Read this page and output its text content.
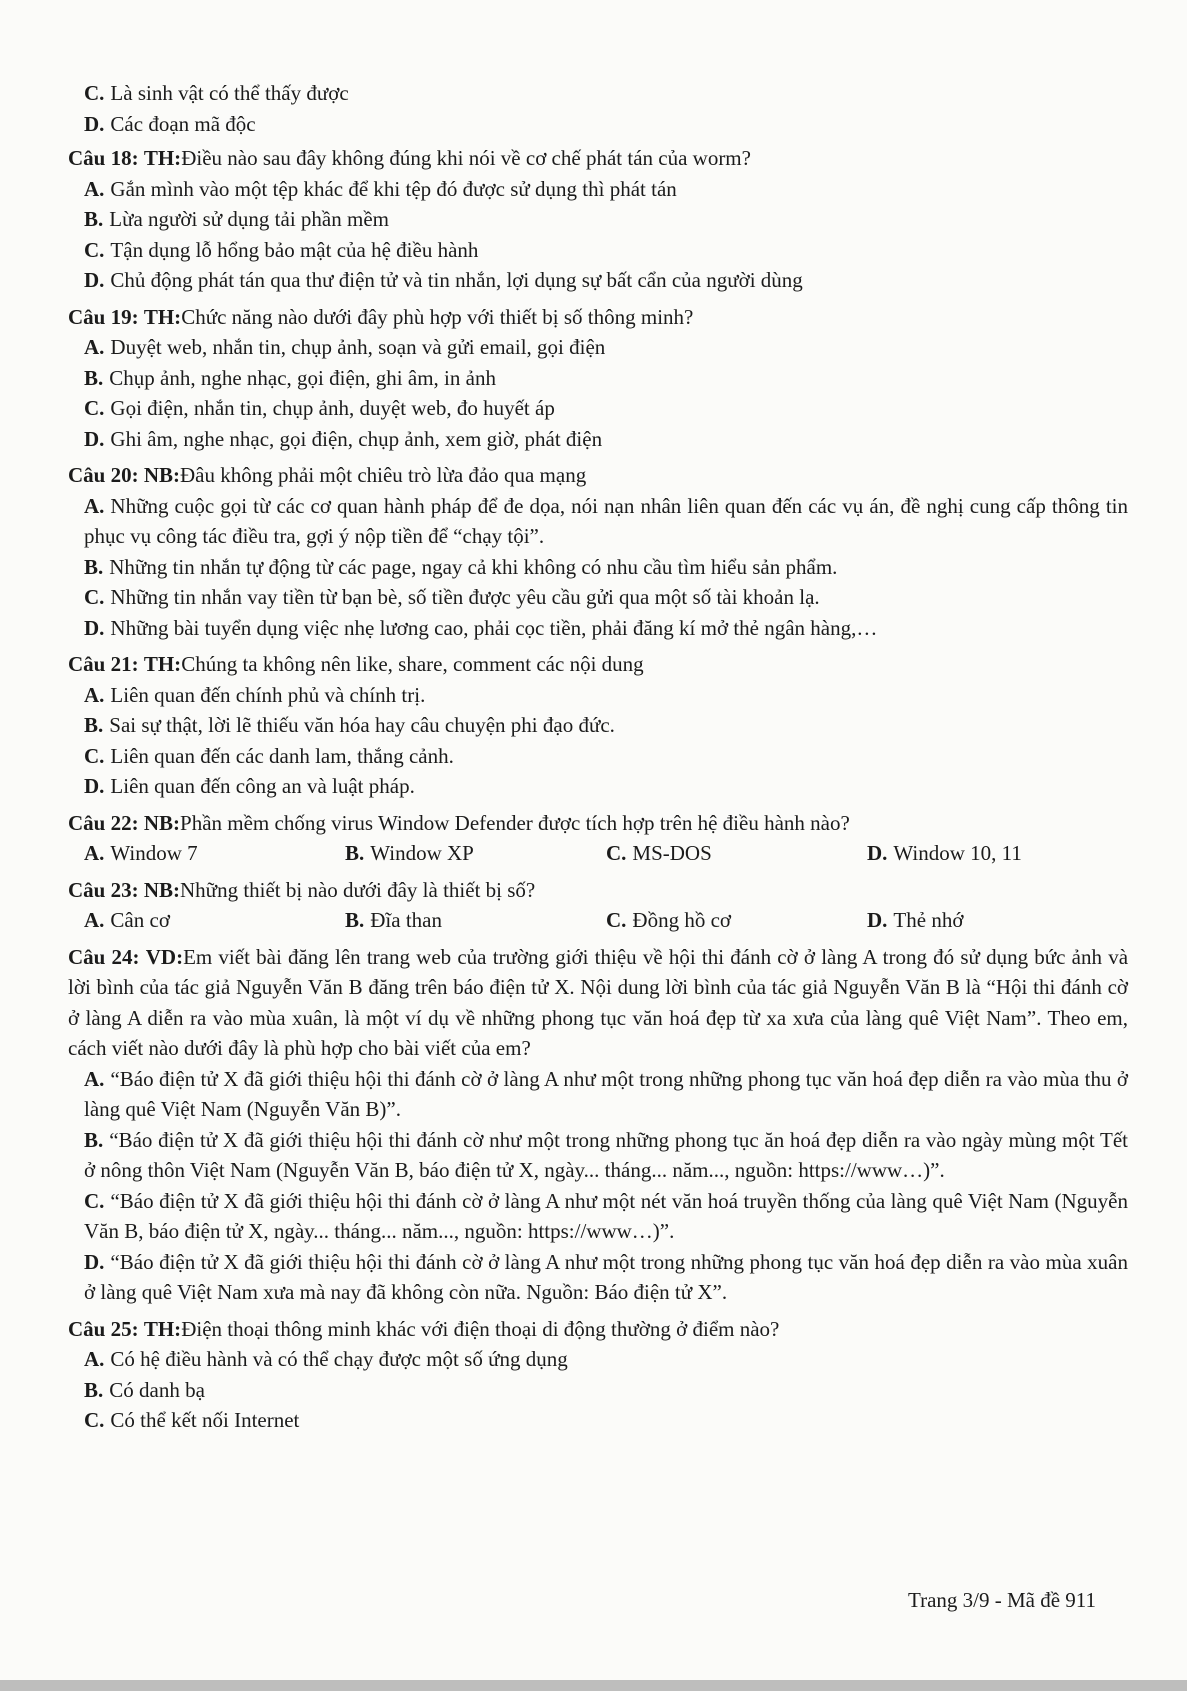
C. Là sinh vật có thể thấy được
D. Các đoạn mã độc
Câu 18: TH:Điều nào sau đây không đúng khi nói về cơ chế phát tán của worm?
A. Gắn mình vào một tệp khác để khi tệp đó được sử dụng thì phát tán
B. Lừa người sử dụng tải phần mềm
C. Tận dụng lỗ hổng bảo mật của hệ điều hành
D. Chủ động phát tán qua thư điện tử và tin nhắn, lợi dụng sự bất cẩn của người dùng
Câu 19: TH:Chức năng nào dưới đây phù hợp với thiết bị số thông minh?
A. Duyệt web, nhắn tin, chụp ảnh, soạn và gửi email, gọi điện
B. Chụp ảnh, nghe nhạc, gọi điện, ghi âm, in ảnh
C. Gọi điện, nhắn tin, chụp ảnh, duyệt web, đo huyết áp
D. Ghi âm, nghe nhạc, gọi điện, chụp ảnh, xem giờ, phát điện
Câu 20: NB:Đâu không phải một chiêu trò lừa đảo qua mạng
A. Những cuộc gọi từ các cơ quan hành pháp để đe dọa, nói nạn nhân liên quan đến các vụ án, đề nghị cung cấp thông tin phục vụ công tác điều tra, gợi ý nộp tiền để “chạy tội”.
B. Những tin nhắn tự động từ các page, ngay cả khi không có nhu cầu tìm hiểu sản phẩm.
C. Những tin nhắn vay tiền từ bạn bè, số tiền được yêu cầu gửi qua một số tài khoản lạ.
D. Những bài tuyển dụng việc nhẹ lương cao, phải cọc tiền, phải đăng kí mở thẻ ngân hàng,…
Câu 21: TH:Chúng ta không nên like, share, comment các nội dung
A. Liên quan đến chính phủ và chính trị.
B. Sai sự thật, lời lẽ thiếu văn hóa hay câu chuyện phi đạo đức.
C. Liên quan đến các danh lam, thắng cảnh.
D. Liên quan đến công an và luật pháp.
Câu 22: NB:Phần mềm chống virus Window Defender được tích hợp trên hệ điều hành nào?
A. Window 7	B. Window XP	C. MS-DOS	D. Window 10, 11
Câu 23: NB:Những thiết bị nào dưới đây là thiết bị số?
A. Cân cơ	B. Đĩa than	C. Đồng hồ cơ	D. Thẻ nhớ
Câu 24: VD:Em viết bài đăng lên trang web của trường giới thiệu về hội thi đánh cờ ở làng A trong đó sử dụng bức ảnh và lời bình của tác giả Nguyễn Văn B đăng trên báo điện tử X. Nội dung lời bình của tác giả Nguyễn Văn B là “Hội thi đánh cờ ở làng A diễn ra vào mùa xuân, là một ví dụ về những phong tục văn hoá đẹp từ xa xưa của làng quê Việt Nam”. Theo em, cách viết nào dưới đây là phù hợp cho bài viết của em?
A. “Báo điện tử X đã giới thiệu hội thi đánh cờ ở làng A như một trong những phong tục văn hoá đẹp diễn ra vào mùa thu ở làng quê Việt Nam (Nguyễn Văn B)”.
B. “Báo điện tử X đã giới thiệu hội thi đánh cờ như một trong những phong tục ăn hoá đẹp diễn ra vào ngày mùng một Tết ở nông thôn Việt Nam (Nguyễn Văn B, báo điện tử X, ngày... tháng... năm..., nguồn: https://www…)”.
C. “Báo điện tử X đã giới thiệu hội thi đánh cờ ở làng A như một nét văn hoá truyền thống của làng quê Việt Nam (Nguyễn Văn B, báo điện tử X, ngày... tháng... năm..., nguồn: https://www…)”.
D. “Báo điện tử X đã giới thiệu hội thi đánh cờ ở làng A như một trong những phong tục văn hoá đẹp diễn ra vào mùa xuân ở làng quê Việt Nam xưa mà nay đã không còn nữa. Nguồn: Báo điện tử X”.
Câu 25: TH:Điện thoại thông minh khác với điện thoại di động thường ở điểm nào?
A. Có hệ điều hành và có thể chạy được một số ứng dụng
B. Có danh bạ
C. Có thể kết nối Internet
Trang 3/9 - Mã đề 911
